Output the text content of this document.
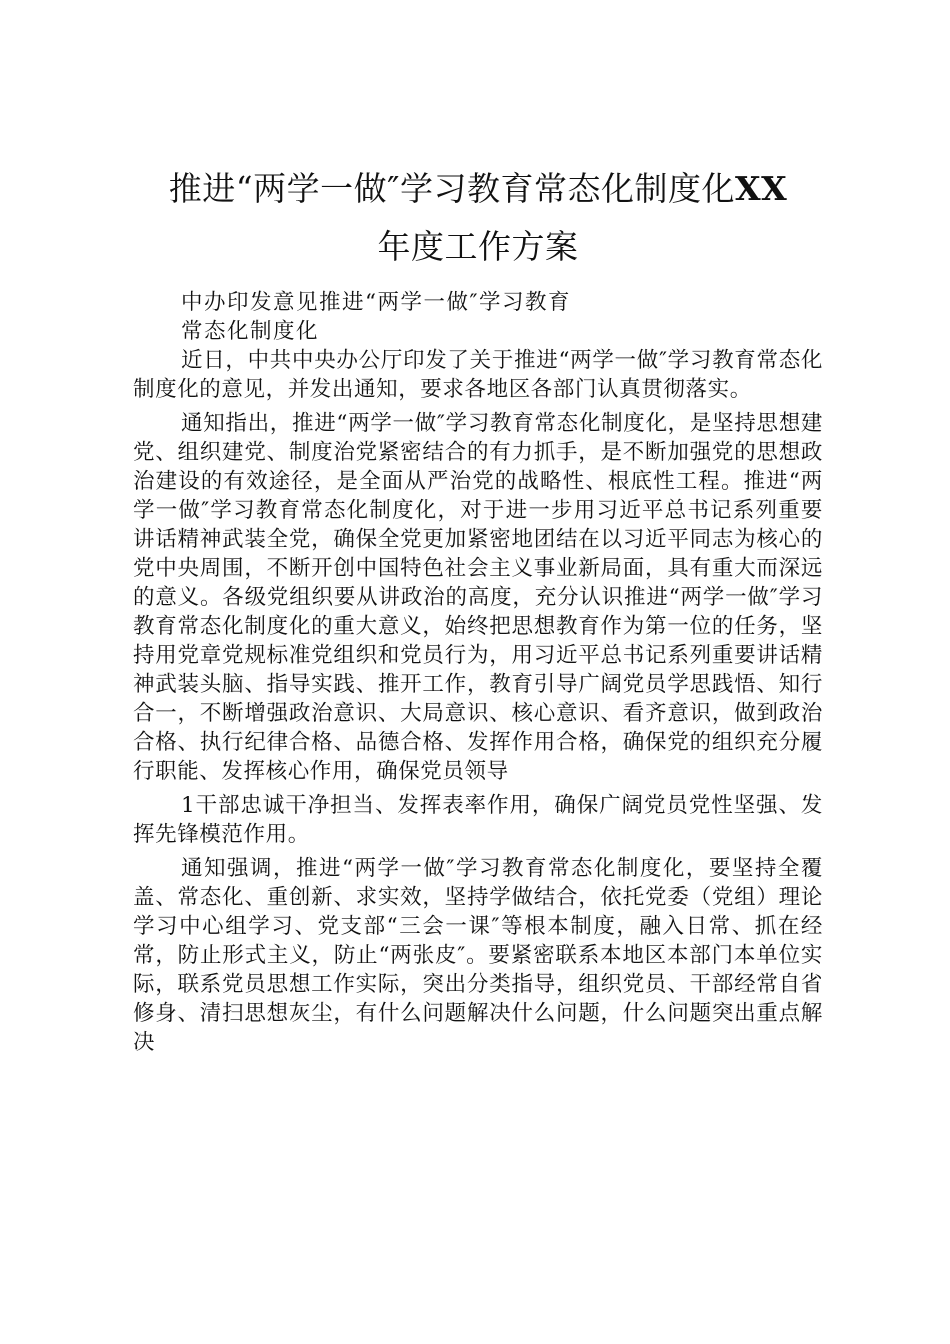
推进“两学一做″学习教育常态化制度化XX
年度工作方案

中办印发意见推进“两学一做″学习教育
常态化制度化

近日，中共中央办公厅印发了关于推进“两学一做″学习教育常态化制度化的意见，并发出通知，要求各地区各部门认真贯彻落实。

通知指出，推进“两学一做″学习教育常态化制度化，是坚持思想建党、组织建党、制度治党紧密结合的有力抓手，是不断加强党的思想政治建设的有效途径，是全面从严治党的战略性、根底性工程。推进“两学一做″学习教育常态化制度化，对于进一步用习近平总书记系列重要讲话精神武装全党，确保全党更加紧密地团结在以习近平同志为核心的党中央周围，不断开创中国特色社会主义事业新局面，具有重大而深远的意义。各级党组织要从讲政治的高度，充分认识推进“两学一做″学习教育常态化制度化的重大意义，始终把思想教育作为第一位的任务，坚持用党章党规标准党组织和党员行为，用习近平总书记系列重要讲话精神武装头脑、指导实践、推开工作，教育引导广阔党员学思践悟、知行合一，不断增强政治意识、大局意识、核心意识、看齐意识，做到政治合格、执行纪律合格、品德合格、发挥作用合格，确保党的组织充分履行职能、发挥核心作用，确保党员领导

1干部忠诚干净担当、发挥表率作用，确保广阔党员党性坚强、发挥先锋模范作用。

通知强调，推进“两学一做″学习教育常态化制度化，要坚持全覆盖、常态化、重创新、求实效，坚持学做结合，依托党委（党组）理论学习中心组学习、党支部“三会一课″等根本制度，融入日常、抓在经常，防止形式主义，防止“两张皮″。要紧密联系本地区本部门本单位实际，联系党员思想工作实际，突出分类指导，组织党员、干部经常自省修身、清扫思想灰尘，有什么问题解决什么问题，什么问题突出重点解决
